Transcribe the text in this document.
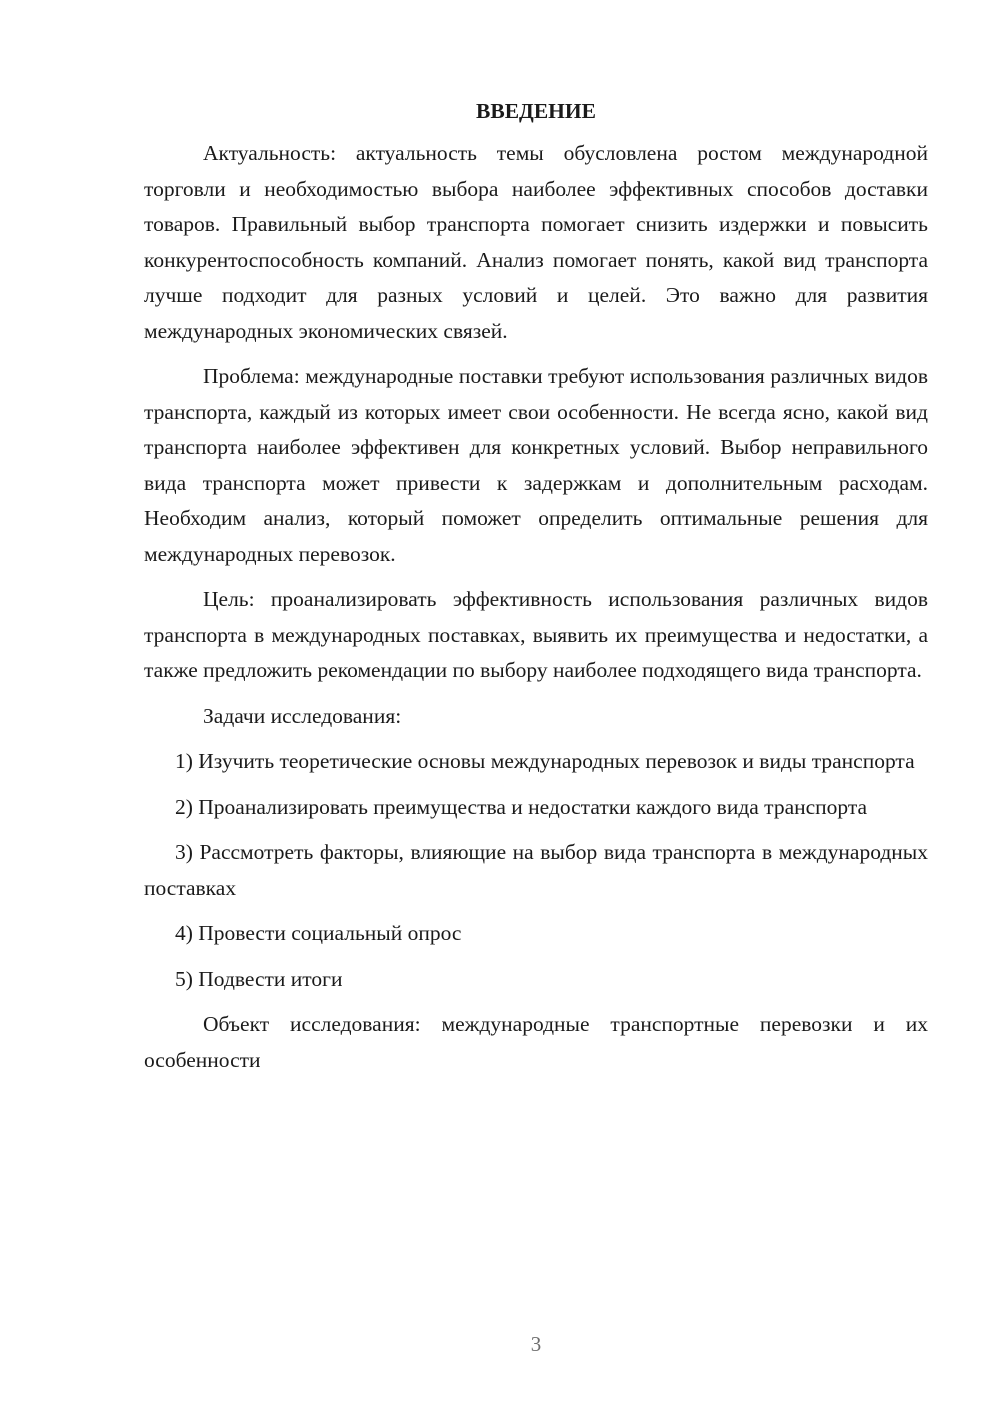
ВВЕДЕНИЕ

Актуальность: актуальность темы обусловлена ростом международной торговли и необходимостью выбора наиболее эффективных способов доставки товаров. Правильный выбор транспорта помогает снизить издержки и повысить конкурентоспособность компаний. Анализ помогает понять, какой вид транспорта лучше подходит для разных условий и целей. Это важно для развития международных экономических связей.

Проблема: международные поставки требуют использования различных видов транспорта, каждый из которых имеет свои особенности. Не всегда ясно, какой вид транспорта наиболее эффективен для конкретных условий. Выбор неправильного вида транспорта может привести к задержкам и дополнительным расходам. Необходим анализ, который поможет определить оптимальные решения для международных перевозок.

Цель: проанализировать эффективность использования различных видов транспорта в международных поставках, выявить их преимущества и недостатки, а также предложить рекомендации по выбору наиболее подходящего вида транспорта.

Задачи исследования:

1) Изучить теоретические основы международных перевозок и виды транспорта

2) Проанализировать преимущества и недостатки каждого вида транспорта

3) Рассмотреть факторы, влияющие на выбор вида транспорта в международных поставках

4) Провести социальный опрос

5) Подвести итоги

Объект исследования: международные транспортные перевозки и их особенности

3
